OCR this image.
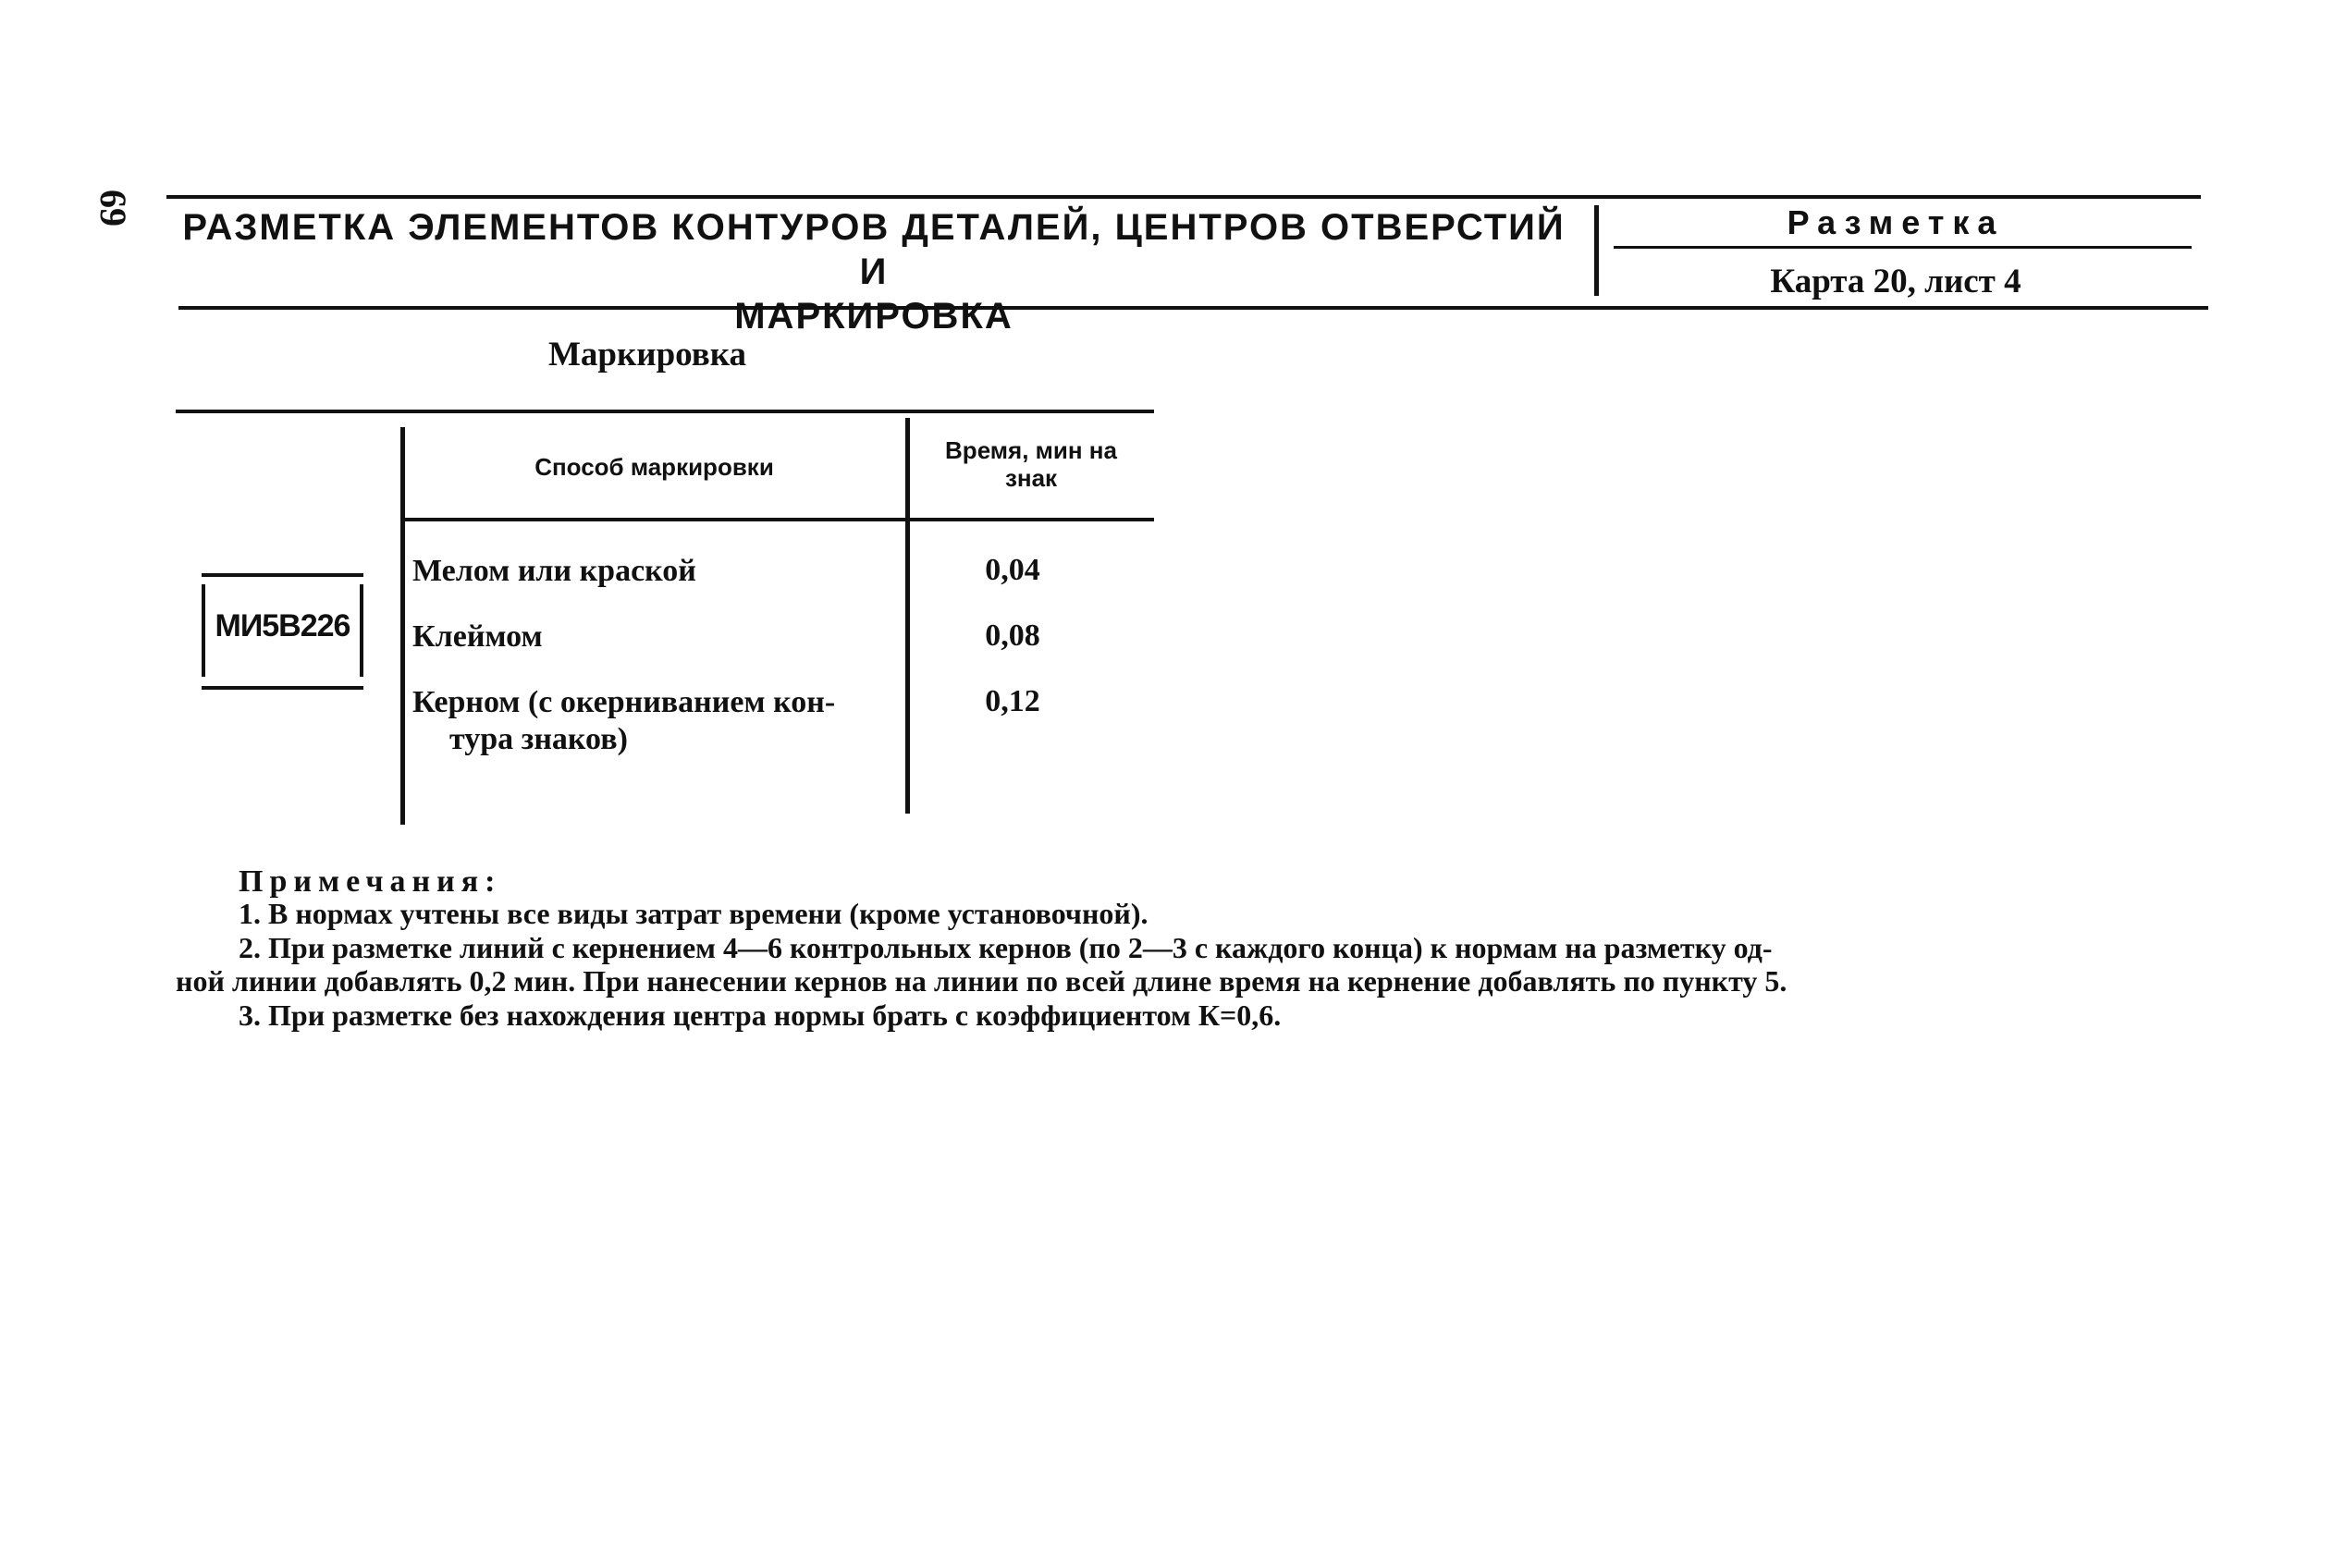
69 РАЗМЕТКА ЭЛЕМЕНТОВ КОНТУРОВ ДЕТАЛЕЙ, ЦЕНТРОВ ОТВЕРСТИЙ И
МАРКИРОВКА
Разметка
Карта 20, лист 4
Маркировка
Способ маркировки
Время, мин на
знак
МИ5В226
Мелом или краской	0,04
Клеймом	0,08
Керном (с окерниванием кон-
тура знаков)
0,12
Примечания:
1. В нормах учтены все виды затрат времени (кроме установочной).
2. При разметке линий с кернением 4—6 контрольных кернов (по 2—3 с каждого конца) к нормам на разметку од-
ной линии добавлять 0,2 мин. При нанесении кернов на линии по всей длине время на кернение добавлять по пункту 5.
3. При разметке без нахождения центра нормы брать с коэффициентом К=0,6.
